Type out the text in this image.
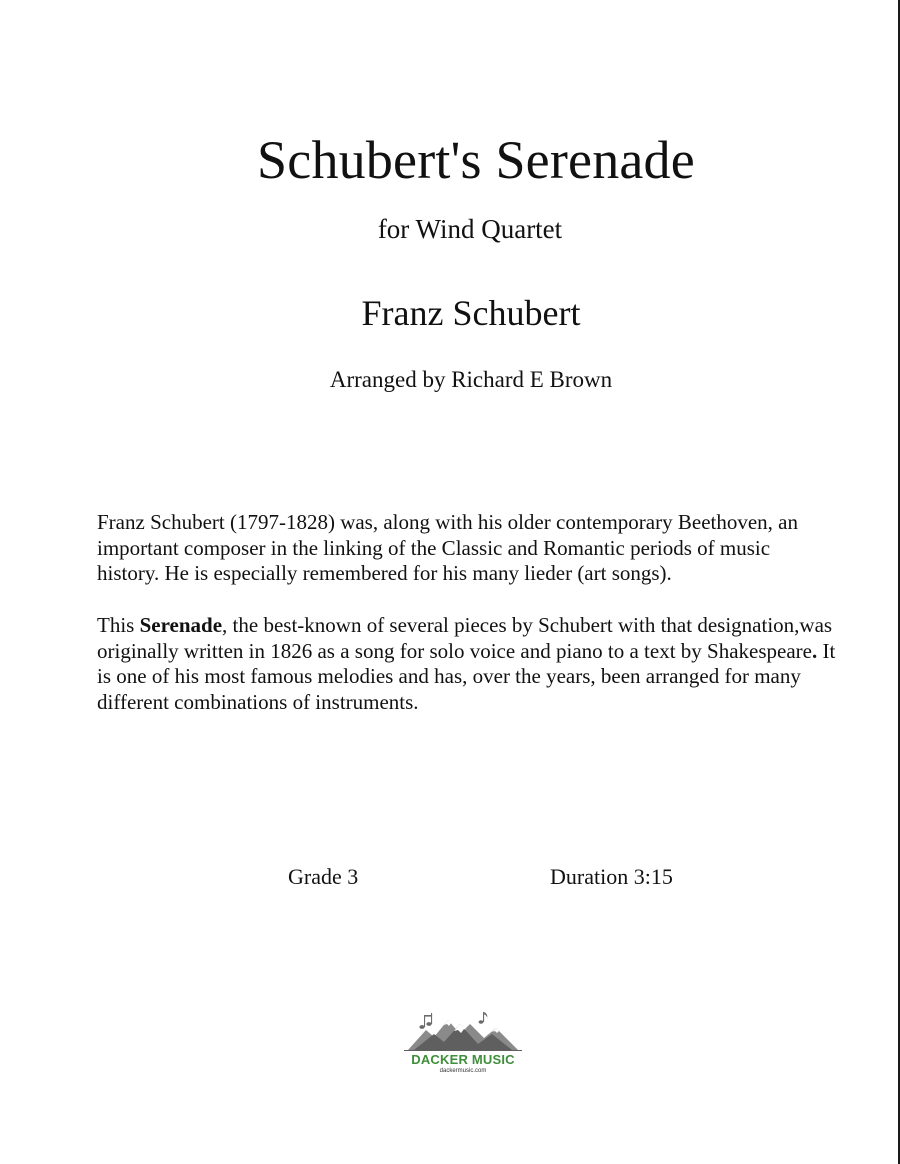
Schubert's Serenade
for Wind Quartet
Franz Schubert
Arranged by Richard E Brown

Franz Schubert (1797-1828) was, along with his older contemporary Beethoven, an important composer in the linking of the Classic and Romantic periods of music history. He is especially remembered for his many lieder (art songs).

This Serenade, the best-known of several pieces by Schubert with that designation,was originally written in 1826 as a song for solo voice and piano to a text by Shakespeare. It is one of his most famous melodies and has, over the years, been arranged for many different combinations of instruments.

Grade 3	Duration 3:15
DACKER MUSIC
dackermusic.com
